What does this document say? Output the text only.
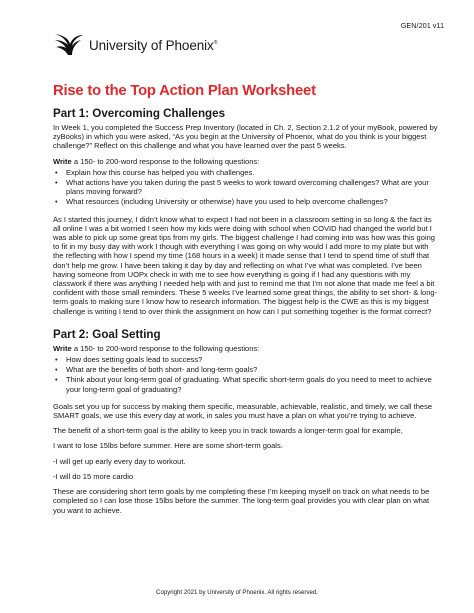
GEN/201 v11
University of Phoenix®
Rise to the Top Action Plan Worksheet
Part 1: Overcoming Challenges

In Week 1, you completed the Success Prep Inventory (located in Ch. 2, Section 2.1.2 of your myBook, powered by zyBooks) in which you were asked, “As you begin at the University of Phoenix, what do you think is your biggest challenge?” Reflect on this challenge and what you have learned over the past 5 weeks.

Write a 150- to 200-word response to the following questions:

• Explain how this course has helped you with challenges.
• What actions have you taken during the past 5 weeks to work toward overcoming challenges? What are your plans moving forward?
• What resources (including University or otherwise) have you used to help overcome challenges?

As I started this journey, I didn’t know what to expect I had not been in a classroom setting in so long & the fact its all online I was a bit worried I seen how my kids were doing with school when COVID had changed the world but I was able to pick up some great tips from my girls. The biggest challenge I had coming into was how was this going to fit in my busy day with work I though with everything I was going on why would I add more to my plate but with the reflecting with how I spend my time (168 hours in a week) it made sense that I tend to spend time of stuff that don’t help me grow. I have been taking it day by day and reflecting on what I’ve what was completed. I’ve been having someone from UOPx check in with me to see how everything is going if I had any questions with my classwork if there was anything I needed help with and just to remind me that I’m not alone that made me feel a bit confident with those small reminders. These 5 weeks I’ve learned some great things, the ability to set short- & long-term goals to making sure I know how to research information. The biggest help is the CWE as this is my biggest challenge is writing I tend to over think the assignment on how can I put something together is the format correct?

Part 2: Goal Setting

Write a 150- to 200-word response to the following questions:

• How does setting goals lead to success?
• What are the benefits of both short- and long-term goals?
• Think about your long-term goal of graduating. What specific short-term goals do you need to meet to achieve your long-term goal of graduating?

Goals set you up for success by making them specific, measurable, achievable, realistic, and timely, we call these SMART goals, we use this every day at work, in sales you must have a plan on what you’re trying to achieve.

The benefit of a short-term goal is the ability to keep you in track towards a longer-term goal for example,

I want to lose 15lbs before summer. Here are some short-term goals.

-I will get up early every day to workout.

-I will do 15 more cardio

These are considering short term goals by me completing these I’m keeping myself on track on what needs to be completed so I can lose those 15lbs before the summer. The long-term goal provides you with clear plan on what you want to achieve.

Copyright 2021 by University of Phoenix. All rights reserved.
